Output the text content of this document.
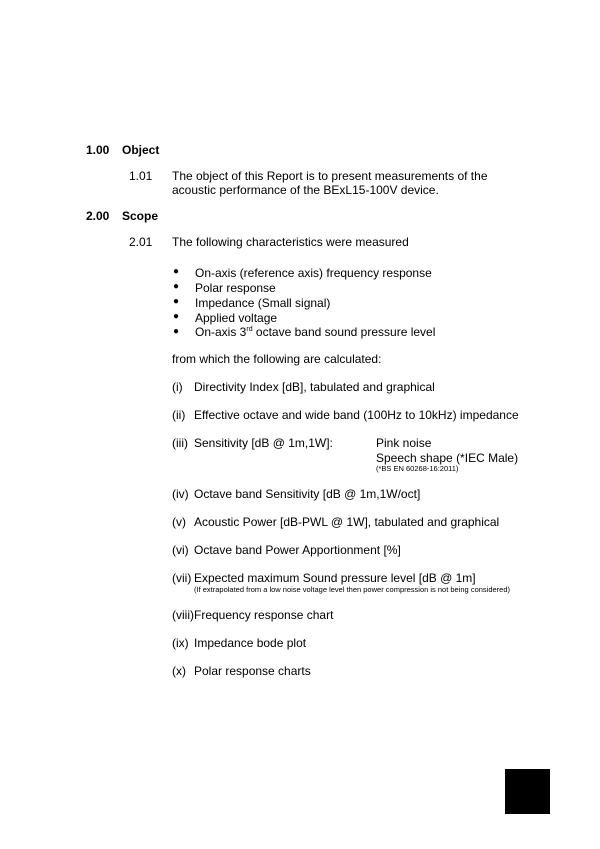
1.00 Object
1.01 The object of this Report is to present measurements of the
acoustic performance of the BExL15-100V device.
2.00 Scope
2.01 The following characteristics were measured
● On-axis (reference axis) frequency response
● Polar response
● Impedance (Small signal)
● Applied voltage
● On-axis 3rd octave band sound pressure level
from which the following are calculated:
(i) Directivity Index [dB], tabulated and graphical
(ii) Effective octave and wide band (100Hz to 10kHz) impedance
(iii) Sensitivity [dB @ 1m,1W]:	Pink noise
Speech shape (*IEC Male)
(*BS EN 60268-16:2011)
(iv) Octave band Sensitivity [dB @ 1m,1W/oct]
(v) Acoustic Power [dB-PWL @ 1W], tabulated and graphical
(vi) Octave band Power Apportionment [%]
(vii) Expected maximum Sound pressure level [dB @ 1m]
(If extrapolated from a low noise voltage level then power compression is not being considered)
(viii) Frequency response chart
(ix) Impedance bode plot
(x) Polar response charts
